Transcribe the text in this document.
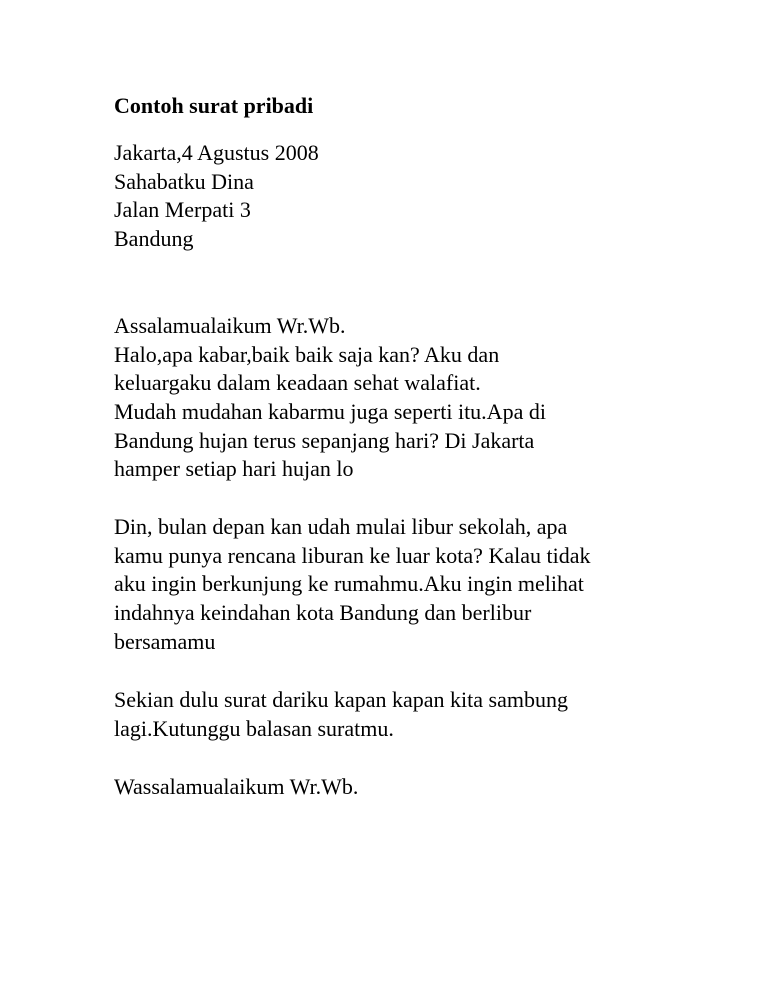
Contoh surat pribadi
Jakarta,4 Agustus 2008
Sahabatku Dina
Jalan Merpati 3
Bandung
Assalamualaikum Wr.Wb.
Halo,apa kabar,baik baik saja kan? Aku dan
keluargaku dalam keadaan sehat walafiat.
Mudah mudahan kabarmu juga seperti itu.Apa di
Bandung hujan terus sepanjang hari? Di Jakarta
hamper setiap hari hujan lo
Din, bulan depan kan udah mulai libur sekolah, apa
kamu punya rencana liburan ke luar kota? Kalau tidak
aku ingin berkunjung ke rumahmu.Aku ingin melihat
indahnya keindahan kota Bandung dan berlibur
bersamamu
Sekian dulu surat dariku kapan kapan kita sambung
lagi.Kutunggu balasan suratmu.
Wassalamualaikum Wr.Wb.
